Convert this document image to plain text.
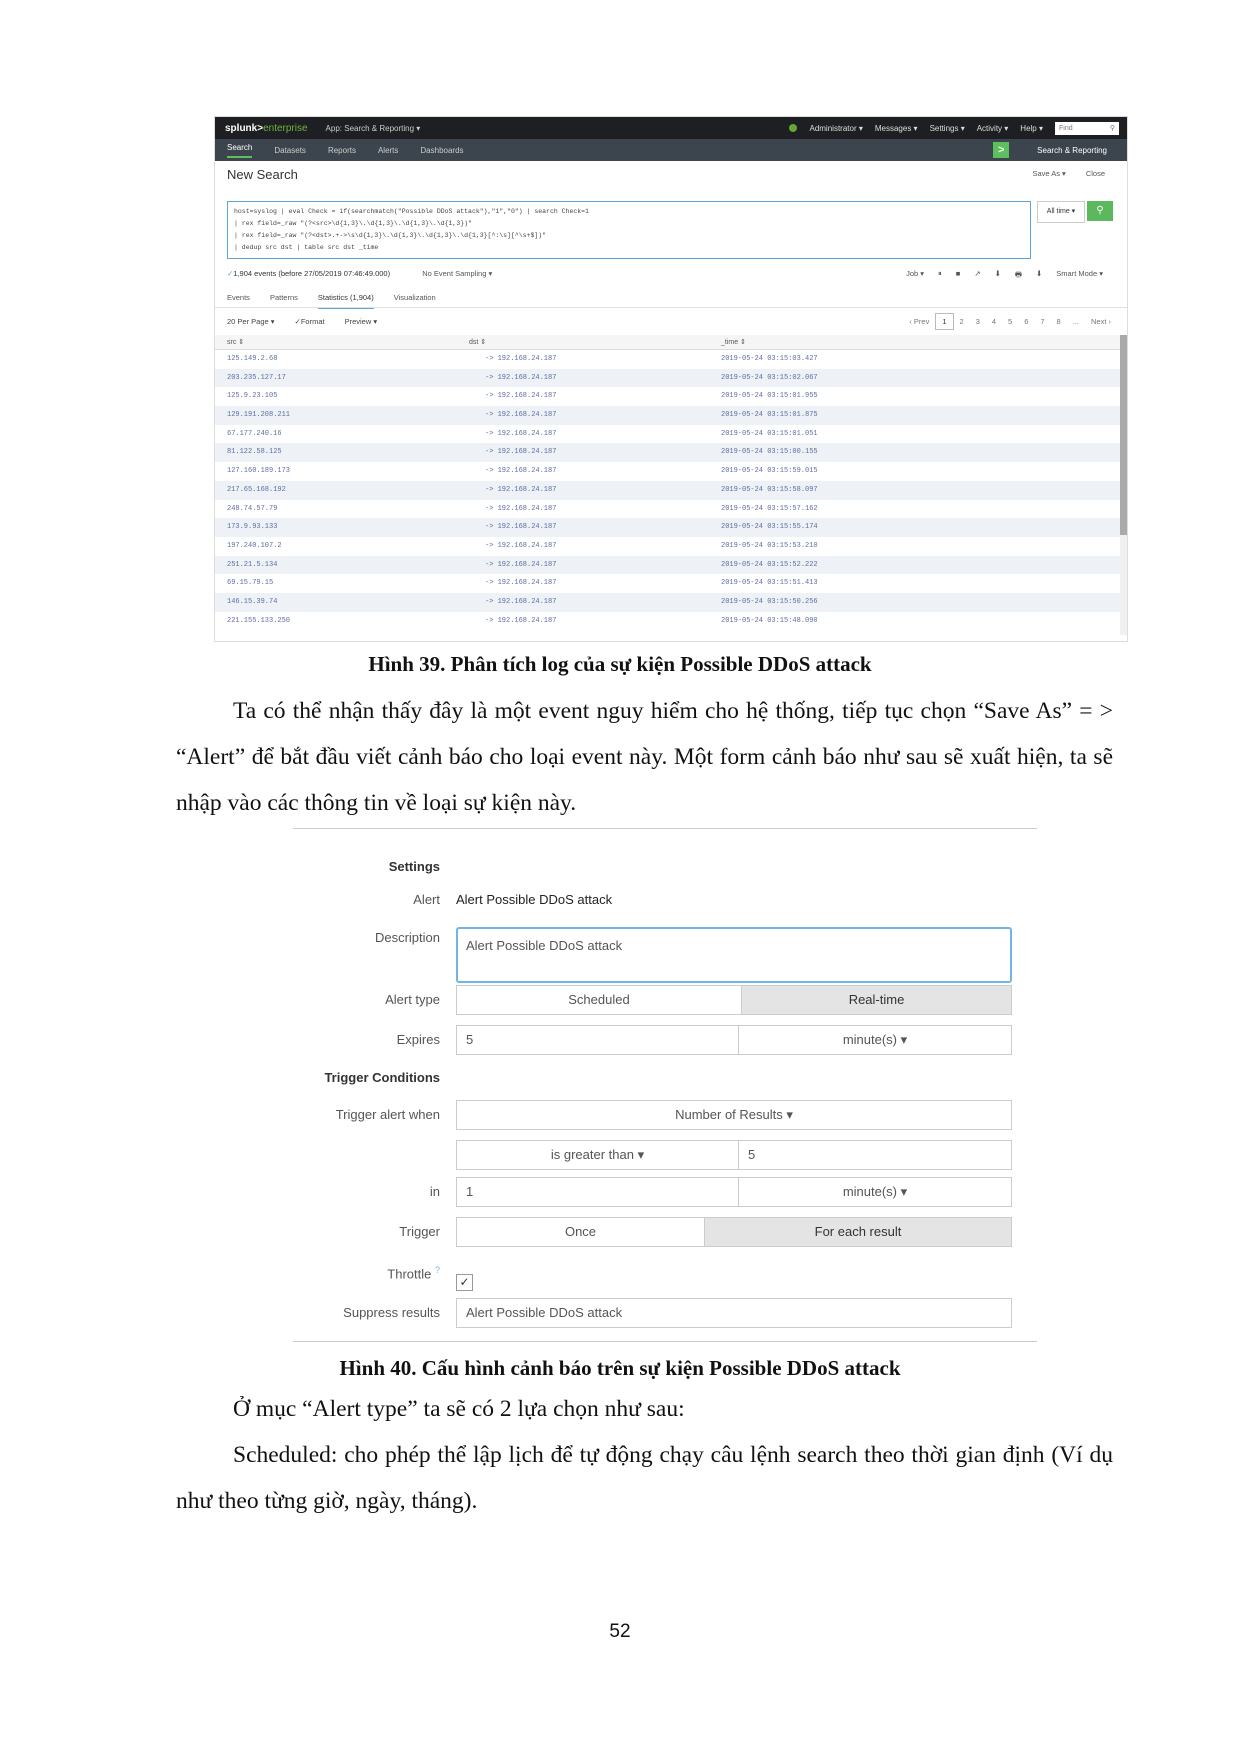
splunk>enterprise App: Search & Reporting ▾	Administrator ▾ Messages ▾ Settings ▾ Activity ▾ Help ▾ Find	⚲
Search	Datasets	Reports	Alerts	Dashboards	>	Search & Reporting
New Search	Save As ▾	Close
host=syslog | eval Check = if(searchmatch("Possible DDoS attack"),"1","0") | search Check=1
| rex field=_raw "(?<src>\d{1,3}\.\d{1,3}\.\d{1,3}\.\d{1,3})"
| rex field=_raw "(?<dst>.+->\s\d{1,3}\.\d{1,3}\.\d{1,3}\.\d{1,3}[^:\s][^\s+$])"
| dedup src dst | table src dst _time
All time ▾	⚲
✓1,904 events (before 27/05/2019 07:46:49.000)	No Event Sampling ▾	Job ▾ ⏸ ■ ↗ ⬇ 🖶 ⬇ Smart Mode ▾
Events	Patterns	Statistics (1,904)	Visualization
20 Per Page ▾	✓Format	Preview ▾	‹ Prev	1	2	3	4	5	6	7	8	...	Next ›
src ⇕	dst ⇕	_time ⇕
125.149.2.68	-> 192.168.24.187	2019-05-24 03:15:03.427
203.235.127.17	-> 192.168.24.187	2019-05-24 03:15:02.067
125.9.23.105	-> 192.168.24.187	2019-05-24 03:15:01.955
129.191.208.211	-> 192.168.24.187	2019-05-24 03:15:01.875
67.177.240.16	-> 192.168.24.187	2019-05-24 03:15:01.051
81.122.58.125	-> 192.168.24.187	2019-05-24 03:15:00.155
127.160.189.173	-> 192.168.24.187	2019-05-24 03:15:59.015
217.65.168.192	-> 192.168.24.187	2019-05-24 03:15:58.097
248.74.57.79	-> 192.168.24.187	2019-05-24 03:15:57.162
173.9.93.133	-> 192.168.24.187	2019-05-24 03:15:55.174
197.240.107.2	-> 192.168.24.187	2019-05-24 03:15:53.210
251.21.5.134	-> 192.168.24.187	2019-05-24 03:15:52.222
69.15.79.15	-> 192.168.24.187	2019-05-24 03:15:51.413
146.15.39.74	-> 192.168.24.187	2019-05-24 03:15:50.256
221.155.133.250	-> 192.168.24.187	2019-05-24 03:15:48.090
Hình 39. Phân tích log của sự kiện Possible DDoS attack
Ta có thể nhận thấy đây là một event nguy hiểm cho hệ thống, tiếp tục chọn “Save As” = > “Alert” để bắt đầu viết cảnh báo cho loại event này. Một form cảnh báo như sau sẽ xuất hiện, ta sẽ nhập vào các thông tin về loại sự kiện này.
Settings
Alert Alert Possible DDoS attack
Description
Alert Possible DDoS attack
Alert type	Scheduled	Real-time
Expires	5	minute(s) ▾
Trigger Conditions
Trigger alert when	Number of Results ▾
is greater than ▾	5
in	1	minute(s) ▾
Trigger	Once	For each result
Throttle ?
✓
Suppress results	Alert Possible DDoS attack
Hình 40. Cấu hình cảnh báo trên sự kiện Possible DDoS attack
Ở mục “Alert type” ta sẽ có 2 lựa chọn như sau:
Scheduled: cho phép thể lập lịch để tự động chạy câu lệnh search theo thời gian định (Ví dụ như theo từng giờ, ngày, tháng).
52
